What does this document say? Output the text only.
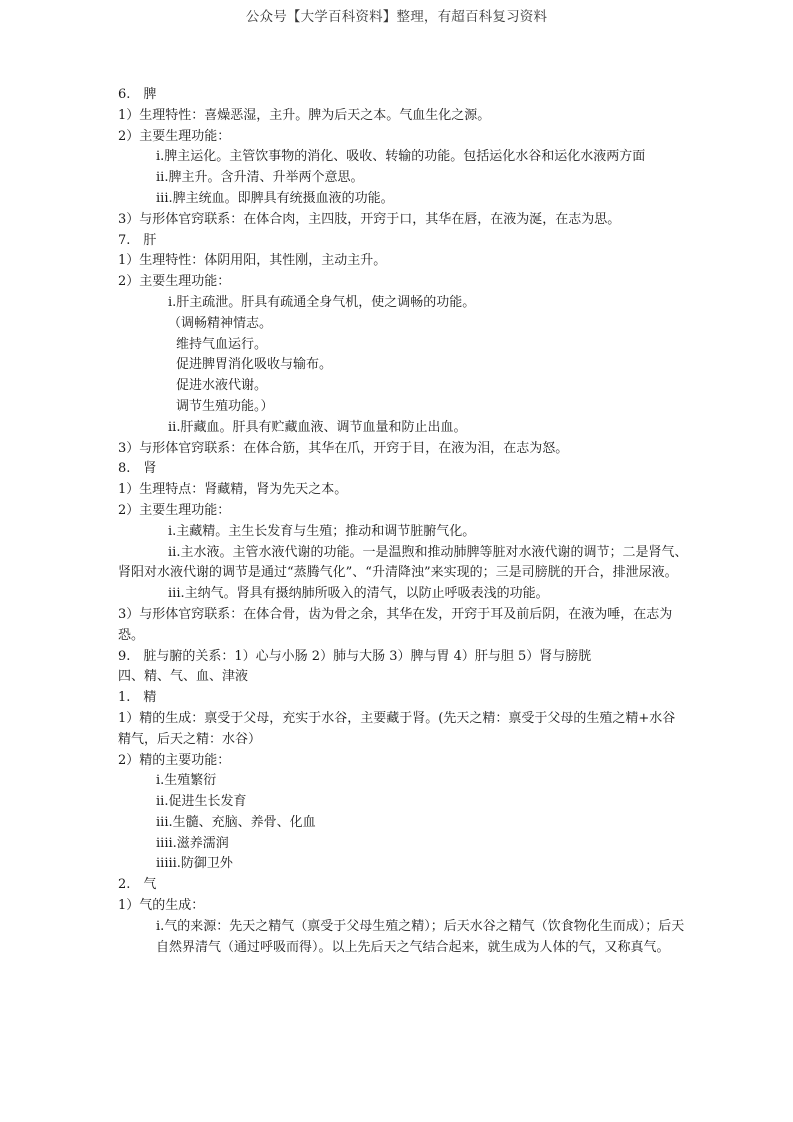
公众号【大学百科资料】整理，有超百科复习资料
6.　脾
1）生理特性：喜燥恶湿，主升。脾为后天之本。气血生化之源。
2）主要生理功能：
i.脾主运化。主管饮事物的消化、吸收、转输的功能。包括运化水谷和运化水液两方面
ii.脾主升。含升清、升举两个意思。
iii.脾主统血。即脾具有统摄血液的功能。
3）与形体官窍联系：在体合肉，主四肢，开窍于口，其华在唇，在液为涎，在志为思。
7.　肝
1）生理特性：体阴用阳，其性刚，主动主升。
2）主要生理功能：
i.肝主疏泄。肝具有疏通全身气机，使之调畅的功能。
（调畅精神情志。
维持气血运行。
促进脾胃消化吸收与输布。
促进水液代谢。
调节生殖功能。）
ii.肝藏血。肝具有贮藏血液、调节血量和防止出血。
3）与形体官窍联系：在体合筋，其华在爪，开窍于目，在液为泪，在志为怒。
8.　肾
1）生理特点：肾藏精，肾为先天之本。
2）主要生理功能：
i.主藏精。主生长发育与生殖；推动和调节脏腑气化。
ii.主水液。主管水液代谢的功能。一是温煦和推动肺脾等脏对水液代谢的调节；二是肾气、肾阳对水液代谢的调节是通过“蒸腾气化”、“升清降浊”来实现的；三是司膀胱的开合，排泄尿液。
iii.主纳气。肾具有摄纳肺所吸入的清气，以防止呼吸表浅的功能。
3）与形体官窍联系：在体合骨，齿为骨之余，其华在发，开窍于耳及前后阴，在液为唾，在志为恐。
9.　脏与腑的关系：1）心与小肠 2）肺与大肠 3）脾与胃 4）肝与胆 5）肾与膀胱
四、精、气、血、津液
1.　精
1）精的生成：禀受于父母，充实于水谷，主要藏于肾。(先天之精：禀受于父母的生殖之精+水谷精气，后天之精：水谷）
2）精的主要功能：
i.生殖繁衍
ii.促进生长发育
iii.生髓、充脑、养骨、化血
iiii.滋养濡润
iiiii.防御卫外
2.　气
1）气的生成：
i.气的来源：先天之精气（禀受于父母生殖之精）；后天水谷之精气（饮食物化生而成）；后天自然界清气（通过呼吸而得）。以上先后天之气结合起来，就生成为人体的气，又称真气。
